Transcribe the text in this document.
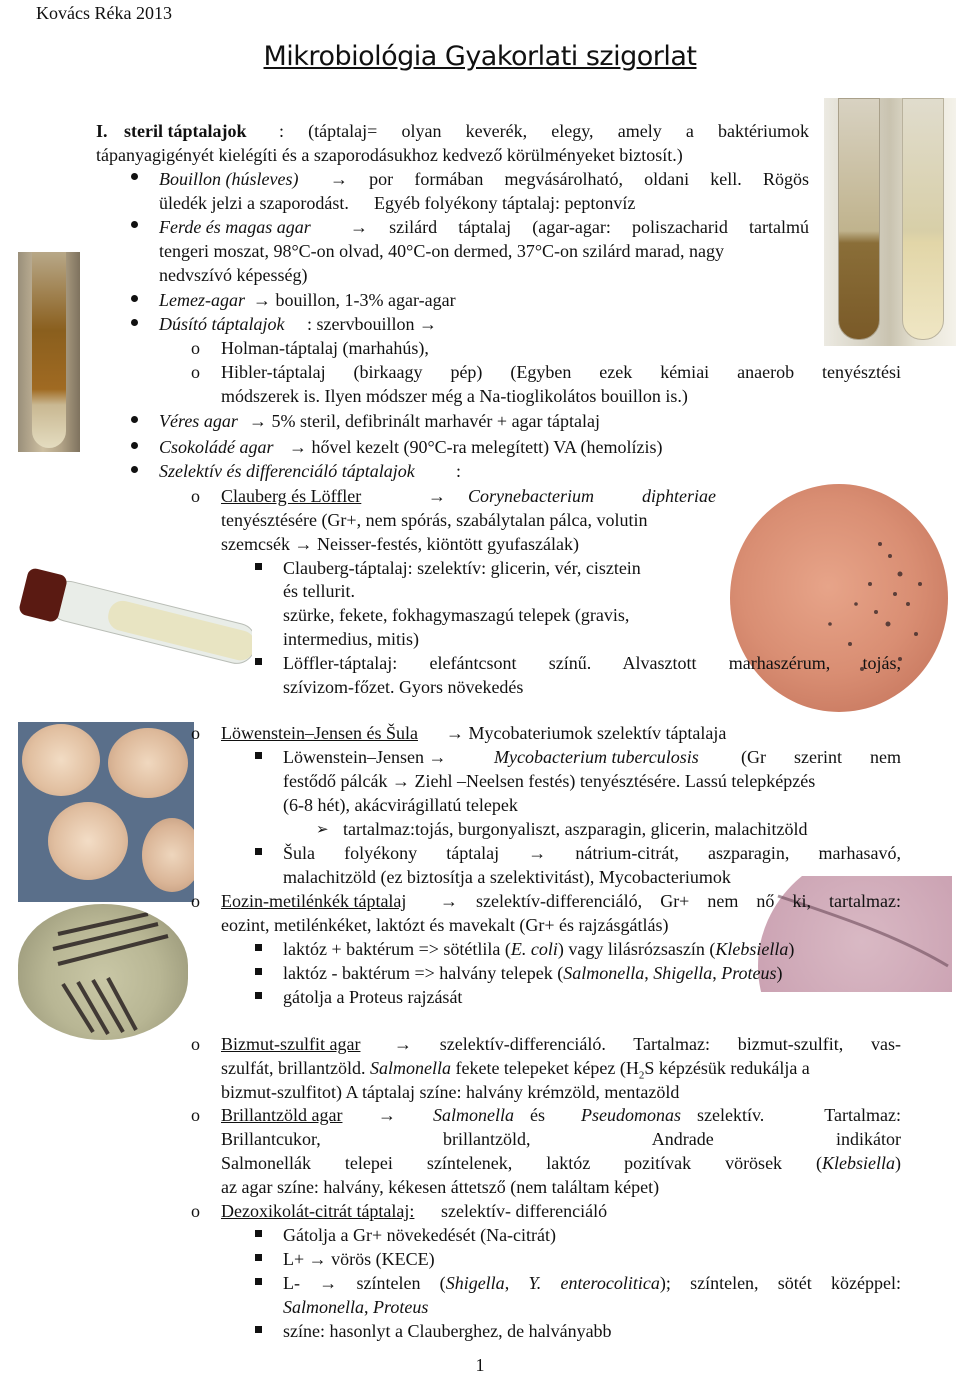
Kovács Réka 2013
Mikrobiológia Gyakorlati szigorlat
I. steril táptalajok : (táptalaj= olyan keverék, elegy, amely a baktériumok
tápanyagigényét kielégíti és a szaporodásukhoz kedvező körülményeket biztosít.)
Bouillon (húsleves) → por formában megvásárolható, oldani kell. Rögös
üledék jelzi a szaporodást. Egyéb folyékony táptalaj: peptonvíz
Ferde és magas agar → szilárd táptalaj (agar-agar: poliszacharid tartalmú
tengeri moszat, 98°C-on olvad, 40°C-on dermed, 37°C-on szilárd marad, nagy
nedvszívó képesség)
Lemez-agar → bouillon, 1-3% agar-agar
Dúsító táptalajok : szervbouillon →
o Holman-táptalaj (marhahús),
o Hibler-táptalaj (birkaagy pép) (Egyben ezek kémiai anaerob tenyésztési
módszerek is. Ilyen módszer még a Na-tioglikolátos bouillon is.)
Véres agar → 5% steril, defibrinált marhavér + agar táptalaj
Csokoládé agar → hővel kezelt (90°C-ra melegített) VA (hemolízis)
Szelektív és differenciáló táptalajok :
o Clauberg és Löffler	→ Corynebacterium diphteriae
tenyésztésére (Gr+, nem spórás, szabálytalan pálca, volutin
szemcsék → Neisser-festés, kiöntött gyufaszálak)
Clauberg-táptalaj: szelektív: glicerin, vér, cisztein
és tellurit.
szürke, fekete, fokhagymaszagú telepek (gravis,
intermedius, mitis)
Löffler-táptalaj: elefántcsont színű. Alvasztott marhaszérum, tojás,
szívizom-főzet. Gyors növekedés
o Löwenstein–Jensen és Šula → Mycobateriumok szelektív táptalaja
Löwenstein–Jensen →	Mycobacterium tuberculosis (Gr szerint nem
festődő pálcák → Ziehl –Neelsen festés) tenyésztésére. Lassú telepképzés
(6-8 hét), akácvirágillatú telepek
➢ tartalmaz:tojás, burgonyaliszt, aszparagin, glicerin, malachitzöld
Šula folyékony táptalaj → nátrium-citrát, aszparagin, marhasavó,
malachitzöld (ez biztosítja a szelektivitást), Mycobacteriumok
o Eozin-metilénkék táptalaj → szelektív-differenciáló, Gr+ nem nő ki, tartalmaz:
eozint, metilénkéket, laktózt és mavekalt (Gr+ és rajzásgátlás)
laktóz + baktérum => sötétlila (E. coli) vagy lilásrózsaszín (Klebsiella)
laktóz - baktérum => halvány telepek (Salmonella, Shigella, Proteus)
gátolja a Proteus rajzását
o Bizmut-szulfit agar → szelektív-differenciáló. Tartalmaz: bizmut-szulfit, vas-
szulfát, brillantzöld. Salmonella fekete telepeket képez ($H_2S$ képzésük redukálja a
bizmut-szulfitot) A táptalaj színe: halvány krémzöld, mentazöld
o Brillantzöld agar → Salmonella és Pseudomonas szelektív. Tartalmaz:
Brillantcukor, brillantzöld, Andrade indikátor
Salmonellák telepei színtelenek, laktóz pozitívak vörösek (Klebsiella)
az agar színe: halvány, kékesen áttetsző (nem találtam képet)
o Dezoxikolát-citrát táptalaj: szelektív- differenciáló
Gátolja a Gr+ növekedését (Na-citrát)
L+ → vörös (KECE)
L- → színtelen (Shigella, Y. enterocolitica); színtelen, sötét középpel:
Salmonella, Proteus
színe: hasonlyt a Clauberghez, de halványabb
1
